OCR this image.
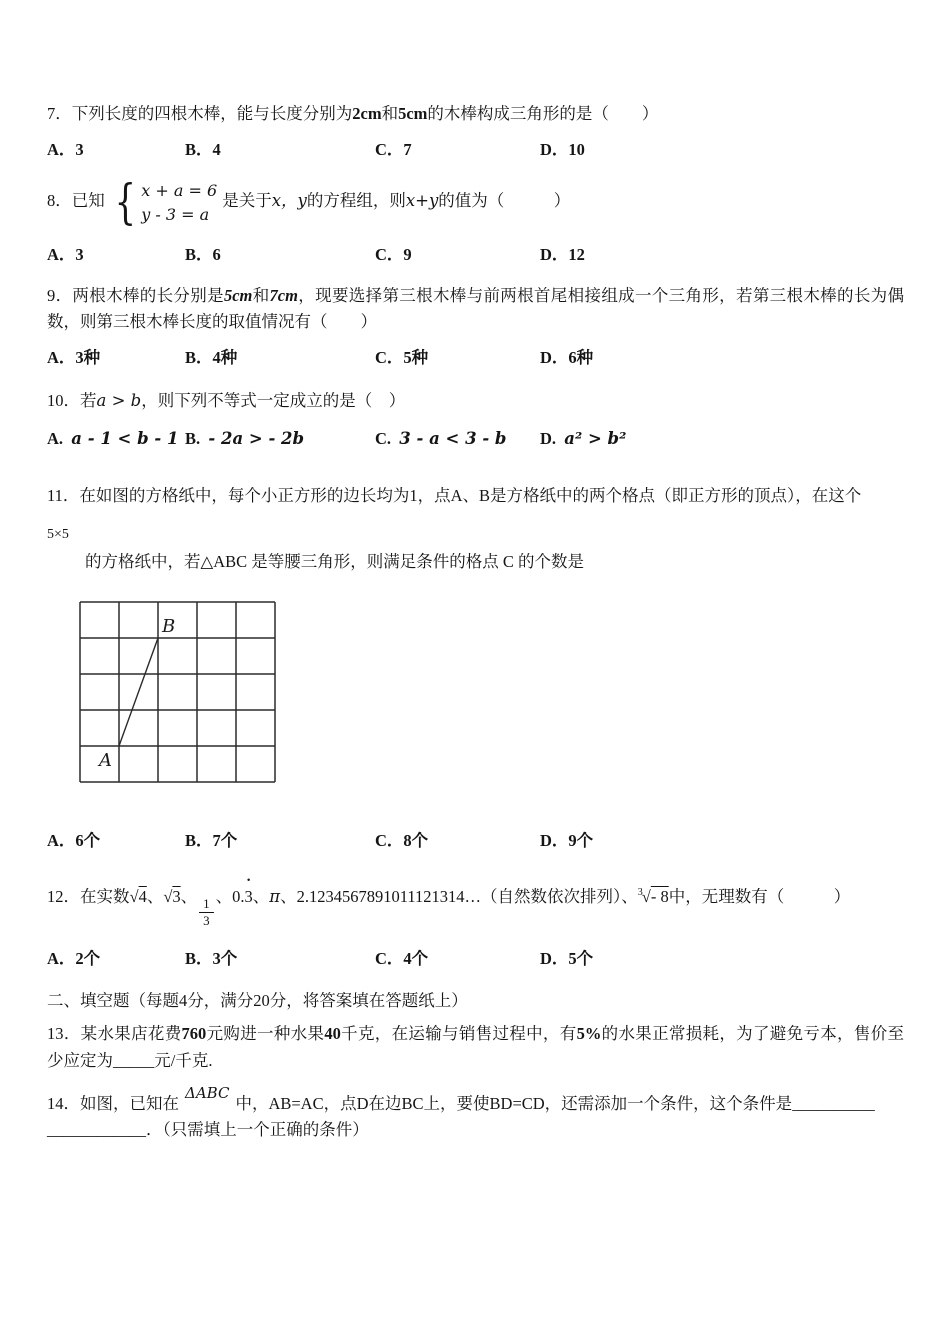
7．下列长度的四根木棒，能与长度分别为2cm和5cm的木棒构成三角形的是（　　）

A．3	B．4	C．7	D．10

8．已知 { x + a = 6
y - 3 = a
是关于x，y的方程组，则x+y的值为（　　　）

A．3	B．6	C．9	D．12

9．两根木棒的长分别是5cm和7cm，现要选择第三根木棒与前两根首尾相接组成一个三角形，若第三根木棒的长为偶数，则第三根木棒长度的取值情况有（　　）

A．3种	B．4种	C．5种	D．6种

10．若a > b，则下列不等式一定成立的是（　）

A. a - 1 < b - 1 B. - 2a > - 2b	C. 3 - a < 3 - b	D. a² > b²

11．在如图的方格纸中，每个小正方形的边长均为1，点A、B是方格纸中的两个格点（即正方形的顶点），在这个

5×5

的方格纸中，若△ABC 是等腰三角形，则满足条件的格点 C 的个数是

B
A
A．6个	B．7个	C．8个	D．9个

12．在实数√4、√3、 $\frac{1}{3}$ 、0.3 ˙、π、2.1234567891011121314…（自然数依次排列）、$^3$√- 8中，无理数有（　　　）

A．2个	B．3个	C．4个	D．5个

二、填空题（每题4分，满分20分，将答案填在答题纸上）

13．某水果店花费760元购进一种水果40千克，在运输与销售过程中，有5%的水果正常损耗，为了避免亏本，售价至少应定为_____元/千克.

14．如图，已知在ΔABC中，AB=AC，点D在边BC上，要使BD=CD，还需添加一个条件，这个条件是__________
____________．（只需填上一个正确的条件）
